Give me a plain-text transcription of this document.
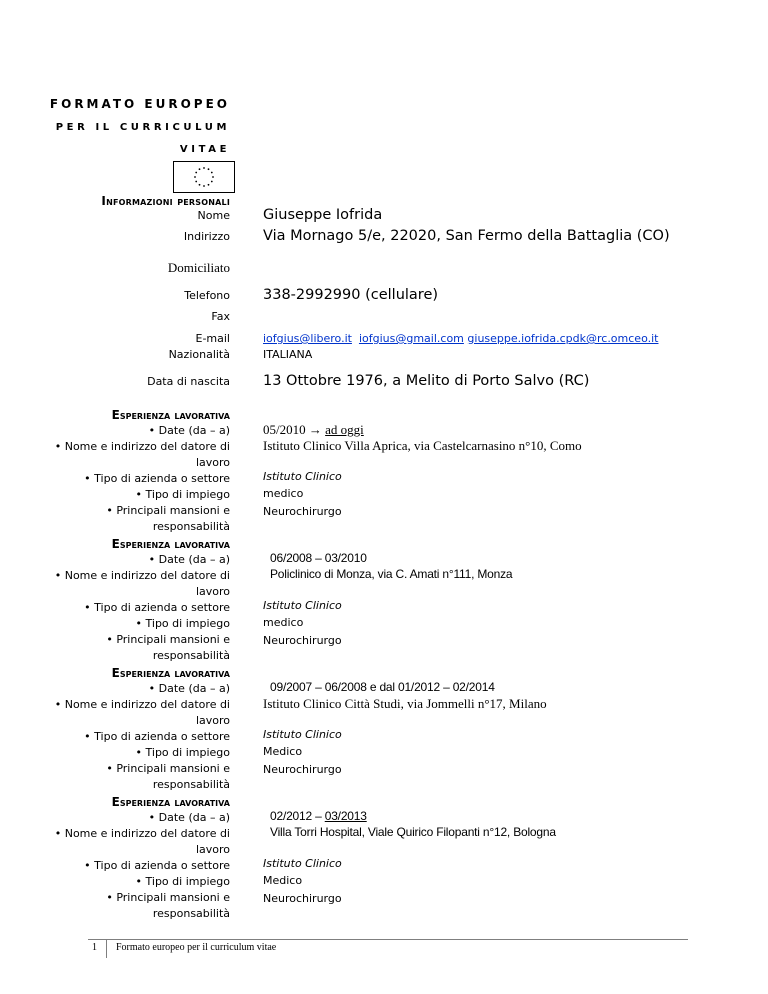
FORMATO EUROPEO
PER IL CURRICULUM
VITAE
Informazioni personali
Nome Giuseppe Iofrida
Indirizzo Via Mornago 5/e, 22020, San Fermo della Battaglia (CO)
Domiciliato
Telefono 338-2992990 (cellulare)
Fax
E-mail	iofgius@libero.it iofgius@gmail.com giuseppe.iofrida.cpdk@rc.omceo.it
Nazionalità	ITALIANA
Data di nascita 13 Ottobre 1976, a Melito di Porto Salvo (RC)
Esperienza lavorativa
• Date (da – a)
• Nome e indirizzo del datore di
lavoro
• Tipo di azienda o settore
• Tipo di impiego
• Principali mansioni e
responsabilità
05/2010 → ad oggi
Istituto Clinico Villa Aprica, via Castelcarnasino n°10, Como
Istituto Clinico
medico
Neurochirurgo
Esperienza lavorativa
• Date (da – a)
• Nome e indirizzo del datore di
lavoro
• Tipo di azienda o settore
• Tipo di impiego
• Principali mansioni e
responsabilità
06/2008 – 03/2010
Policlinico di Monza, via C. Amati n°111, Monza
Istituto Clinico
medico
Neurochirurgo
Esperienza lavorativa
• Date (da – a)
• Nome e indirizzo del datore di
lavoro
• Tipo di azienda o settore
• Tipo di impiego
• Principali mansioni e
responsabilità
09/2007 – 06/2008 e dal 01/2012 – 02/2014
Istituto Clinico Città Studi, via Jommelli n°17, Milano
Istituto Clinico
Medico
Neurochirurgo
Esperienza lavorativa
• Date (da – a)
• Nome e indirizzo del datore di
lavoro
• Tipo di azienda o settore
• Tipo di impiego
• Principali mansioni e
responsabilità
02/2012 – 03/2013
Villa Torri Hospital, Viale Quirico Filopanti n°12, Bologna
Istituto Clinico
Medico
Neurochirurgo
1 Formato europeo per il curriculum vitae
